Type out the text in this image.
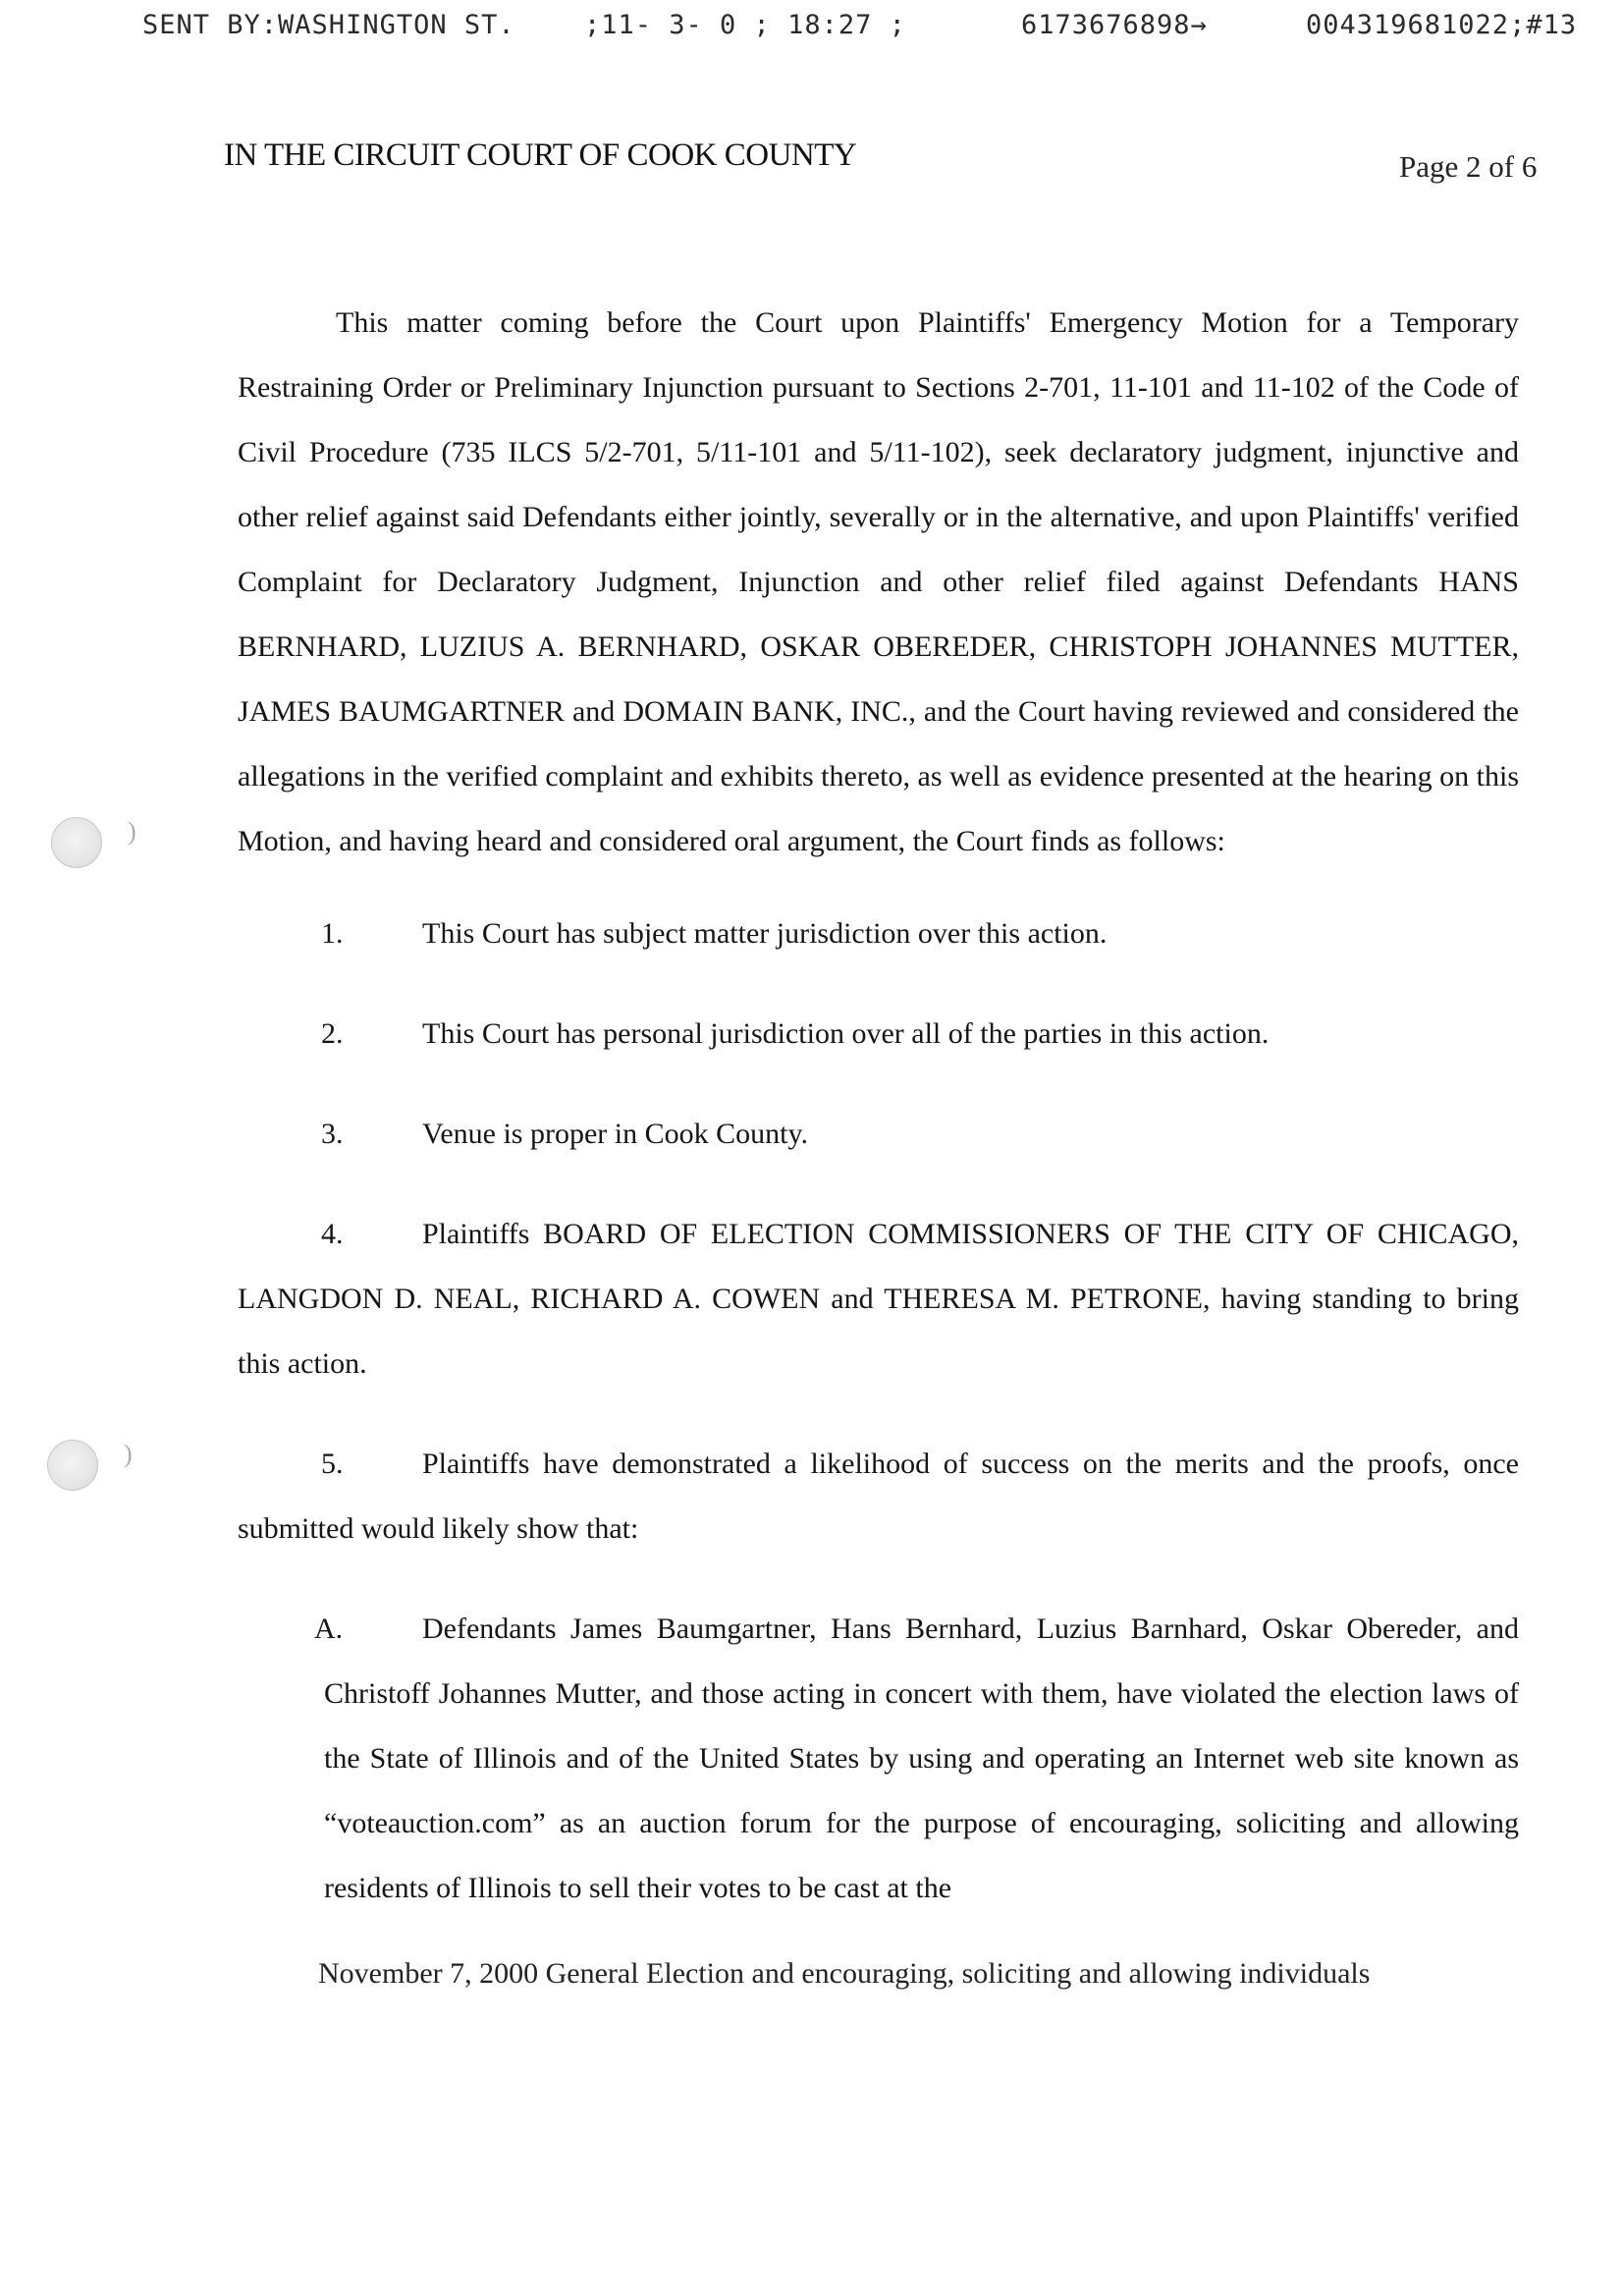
SENT BY:WASHINGTON ST.	;11- 3- 0 ; 18:27 ;	6173676898→	004319681022;#13
IN THE CIRCUIT COURT OF COOK COUNTY	Page 2 of 6
)
)

This matter coming before the Court upon Plaintiffs' Emergency Motion for a Temporary Restraining Order or Preliminary Injunction pursuant to Sections 2-701, 11-101 and 11-102 of the Code of Civil Procedure (735 ILCS 5/2-701, 5/11-101 and 5/11-102), seek declaratory judgment, injunctive and other relief against said Defendants either jointly, severally or in the alternative, and upon Plaintiffs' verified Complaint for Declaratory Judgment, Injunction and other relief filed against Defendants HANS BERNHARD, LUZIUS A. BERNHARD, OSKAR OBEREDER, CHRISTOPH JOHANNES MUTTER, JAMES BAUMGARTNER and DOMAIN BANK, INC., and the Court having reviewed and considered the allegations in the verified complaint and exhibits thereto, as well as evidence presented at the hearing on this Motion, and having heard and considered oral argument, the Court finds as follows:

1.	This Court has subject matter jurisdiction over this action.

2.	This Court has personal jurisdiction over all of the parties in this action.

3.	Venue is proper in Cook County.

4.	Plaintiffs BOARD OF ELECTION COMMISSIONERS OF THE CITY OF CHICAGO, LANGDON D. NEAL, RICHARD A. COWEN and THERESA M. PETRONE, having standing to bring this action.

5.	Plaintiffs have demonstrated a likelihood of success on the merits and the proofs, once submitted would likely show that:

A.	Defendants James Baumgartner, Hans Bernhard, Luzius Barnhard, Oskar Obereder, and Christoff Johannes Mutter, and those acting in concert with them, have violated the election laws of the State of Illinois and of the United States by using and operating an Internet web site known as “voteauction.com” as an auction forum for the purpose of encouraging, soliciting and allowing residents of Illinois to sell their votes to be cast at the

November 7, 2000 General Election and encouraging, soliciting and allowing individuals
